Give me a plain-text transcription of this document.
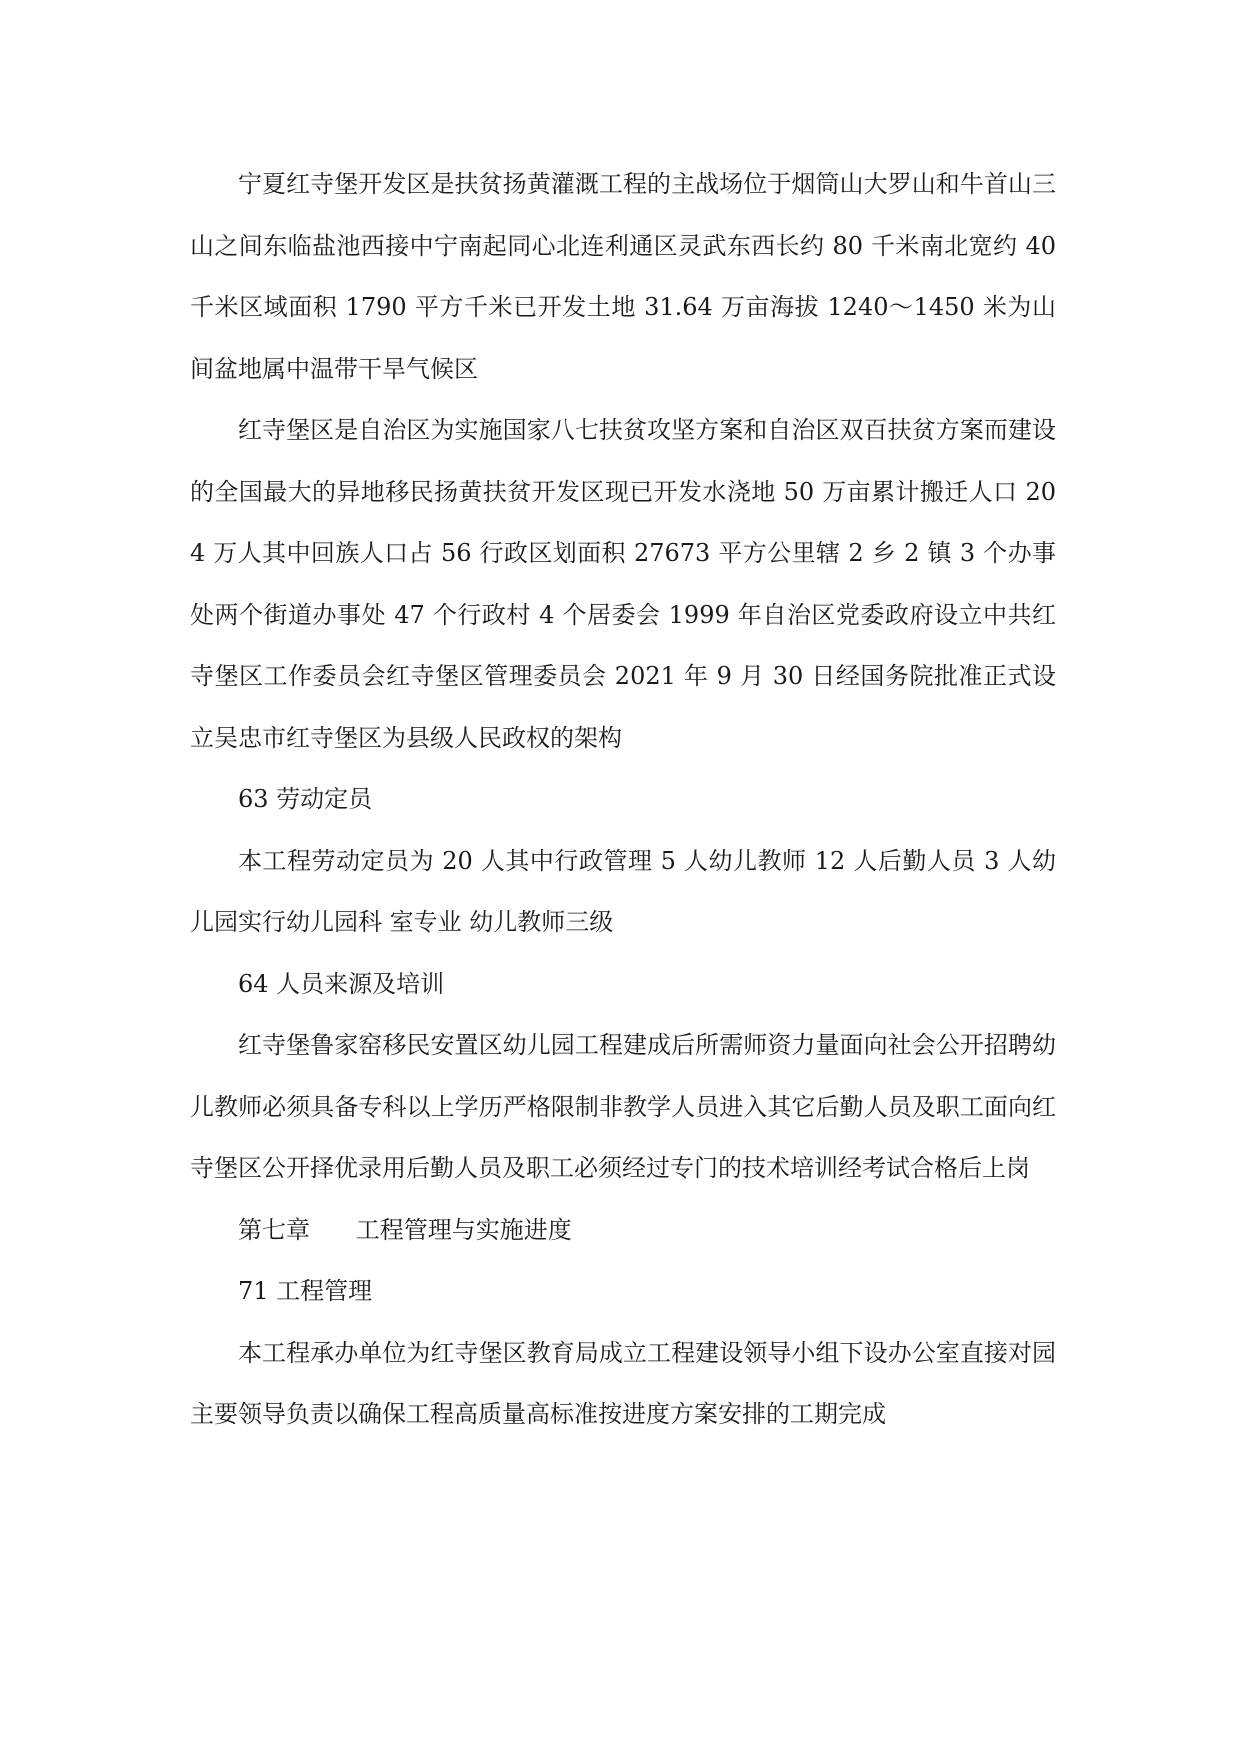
宁夏红寺堡开发区是扶贫扬黄灌溉工程的主战场位于烟筒山大罗山和牛首山三山之间东临盐池西接中宁南起同心北连利通区灵武东西长约 80 千米南北宽约 40 千米区域面积 1790 平方千米已开发土地 31.64 万亩海拔 1240～1450 米为山间盆地属中温带干旱气候区

红寺堡区是自治区为实施国家八七扶贫攻坚方案和自治区双百扶贫方案而建设的全国最大的异地移民扬黄扶贫开发区现已开发水浇地 50 万亩累计搬迁人口 204 万人其中回族人口占 56 行政区划面积 27673 平方公里辖 2 乡 2 镇 3 个办事处两个街道办事处 47 个行政村 4 个居委会 1999 年自治区党委政府设立中共红寺堡区工作委员会红寺堡区管理委员会 2021 年 9 月 30 日经国务院批准正式设立吴忠市红寺堡区为县级人民政权的架构

63 劳动定员

本工程劳动定员为 20 人其中行政管理 5 人幼儿教师 12 人后勤人员 3 人幼儿园实行幼儿园科 室专业 幼儿教师三级

64 人员来源及培训

红寺堡鲁家窑移民安置区幼儿园工程建成后所需师资力量面向社会公开招聘幼儿教师必须具备专科以上学历严格限制非教学人员进入其它后勤人员及职工面向红寺堡区公开择优录用后勤人员及职工必须经过专门的技术培训经考试合格后上岗

第七章      工程管理与实施进度

71 工程管理

本工程承办单位为红寺堡区教育局成立工程建设领导小组下设办公室直接对园主要领导负责以确保工程高质量高标准按进度方案安排的工期完成
